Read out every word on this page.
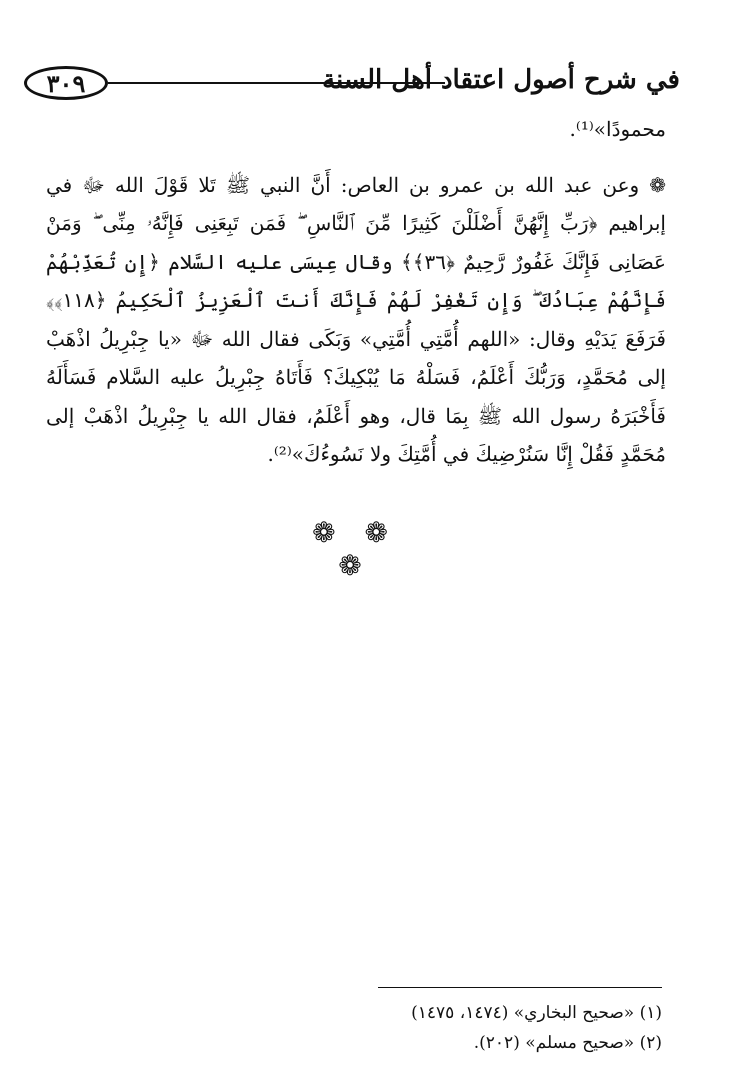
٣٠٩	في شرح أصول اعتقاد أهل السنة

محمودًا»⁽¹⁾.

❁ وعن عبد الله بن عمرو بن العاص: أَنَّ النبي ﷺ تَلا قَوْلَ الله ﷻ في إبراهيم ﴿رَبِّ إِنَّهُنَّ أَضْلَلْنَ كَثِيرًا مِّنَ ٱلنَّاسِ ۖ فَمَن تَبِعَنِى فَإِنَّهُۥ مِنِّى ۖ وَمَنْ عَصَانِى فَإِنَّكَ غَفُورٌ رَّحِيمٌ ﴿٣٦﴾﴾ وقال عِيسَى عليه السَّلام ﴿إِن تُعَذِّبْهُمْ فَإِنَّهُمْ عِبَادُكَ ۖ وَإِن تَغْفِرْ لَهُمْ فَإِنَّكَ أَنتَ ٱلْعَزِيزُ ٱلْحَكِيمُ ﴿١١٨﴾﴾ فَرَفَعَ يَدَيْهِ وقال: «اللهم أُمَّتِي أُمَّتِي» وَبَكَى فقال الله ﷻ «يا جِبْرِيلُ اذْهَبْ إلى مُحَمَّدٍ، وَرَبُّكَ أَعْلَمُ، فَسَلْهُ مَا يُبْكِيكَ؟ فَأَتَاهُ جِبْرِيلُ عليه السَّلام فَسَأَلَهُ فَأَخْبَرَهُ رسول الله ﷺ بِمَا قال، وهو أَعْلَمُ، فقال الله يا جِبْرِيلُ اذْهَبْ إلى مُحَمَّدٍ فَقُلْ إِنَّا سَنُرْضِيكَ في أُمَّتِكَ ولا نَسُوءُكَ»⁽²⁾.

❁ ❁ ❁

(١) «صحيح البخاري» (١٤٧٤، ١٤٧٥)

(٢) «صحيح مسلم» (٢٠٢).
